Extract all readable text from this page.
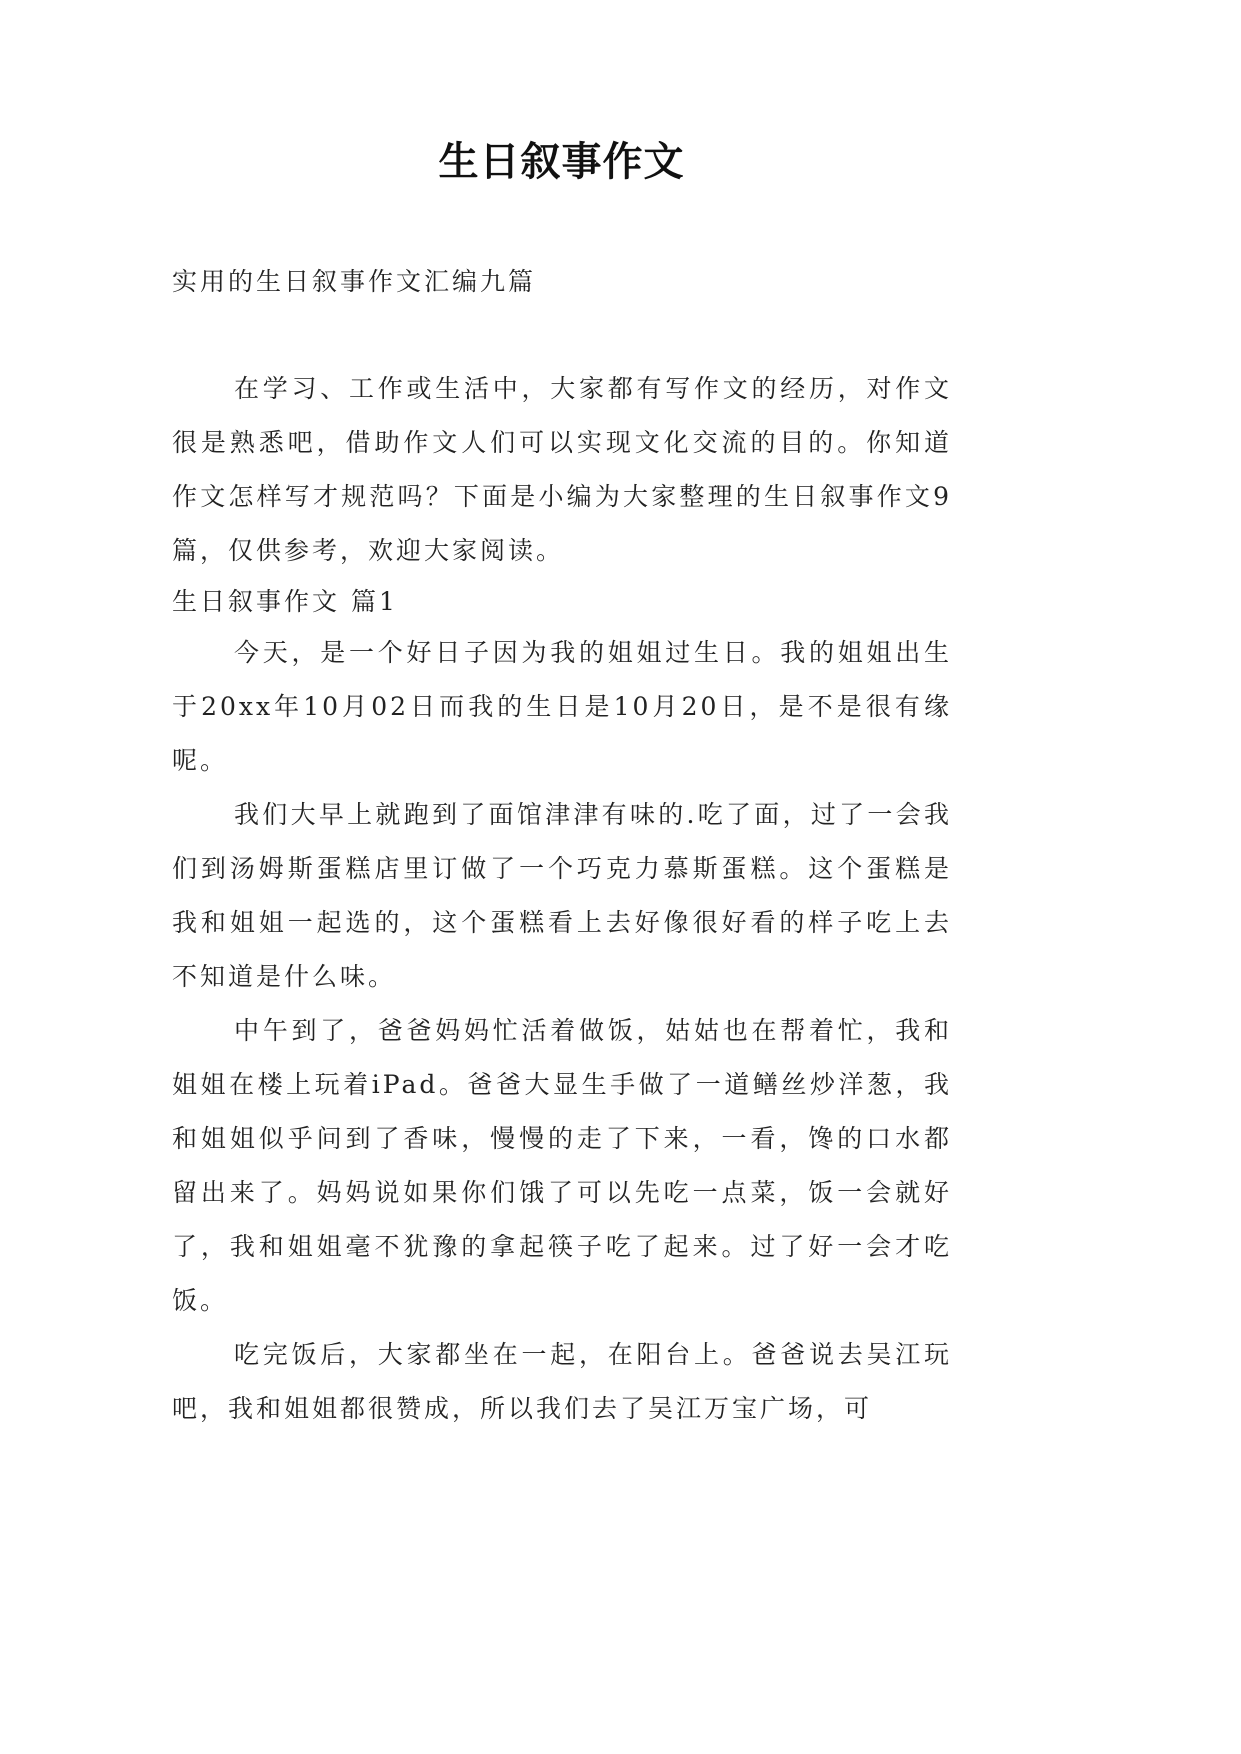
生日叙事作文
实用的生日叙事作文汇编九篇

在学习、工作或生活中，大家都有写作文的经历，对作文很是熟悉吧，借助作文人们可以实现文化交流的目的。你知道作文怎样写才规范吗？下面是小编为大家整理的生日叙事作文9篇，仅供参考，欢迎大家阅读。

生日叙事作文 篇1

今天，是一个好日子因为我的姐姐过生日。我的姐姐出生于20xx年10月02日而我的生日是10月20日，是不是很有缘呢。

我们大早上就跑到了面馆津津有味的.吃了面，过了一会我们到汤姆斯蛋糕店里订做了一个巧克力慕斯蛋糕。这个蛋糕是我和姐姐一起选的，这个蛋糕看上去好像很好看的样子吃上去不知道是什么味。

中午到了，爸爸妈妈忙活着做饭，姑姑也在帮着忙，我和姐姐在楼上玩着iPad。爸爸大显生手做了一道鳝丝炒洋葱，我和姐姐似乎问到了香味，慢慢的走了下来，一看，馋的口水都留出来了。妈妈说如果你们饿了可以先吃一点菜，饭一会就好了，我和姐姐毫不犹豫的拿起筷子吃了起来。过了好一会才吃饭。

吃完饭后，大家都坐在一起，在阳台上。爸爸说去吴江玩吧，我和姐姐都很赞成，所以我们去了吴江万宝广场，可
